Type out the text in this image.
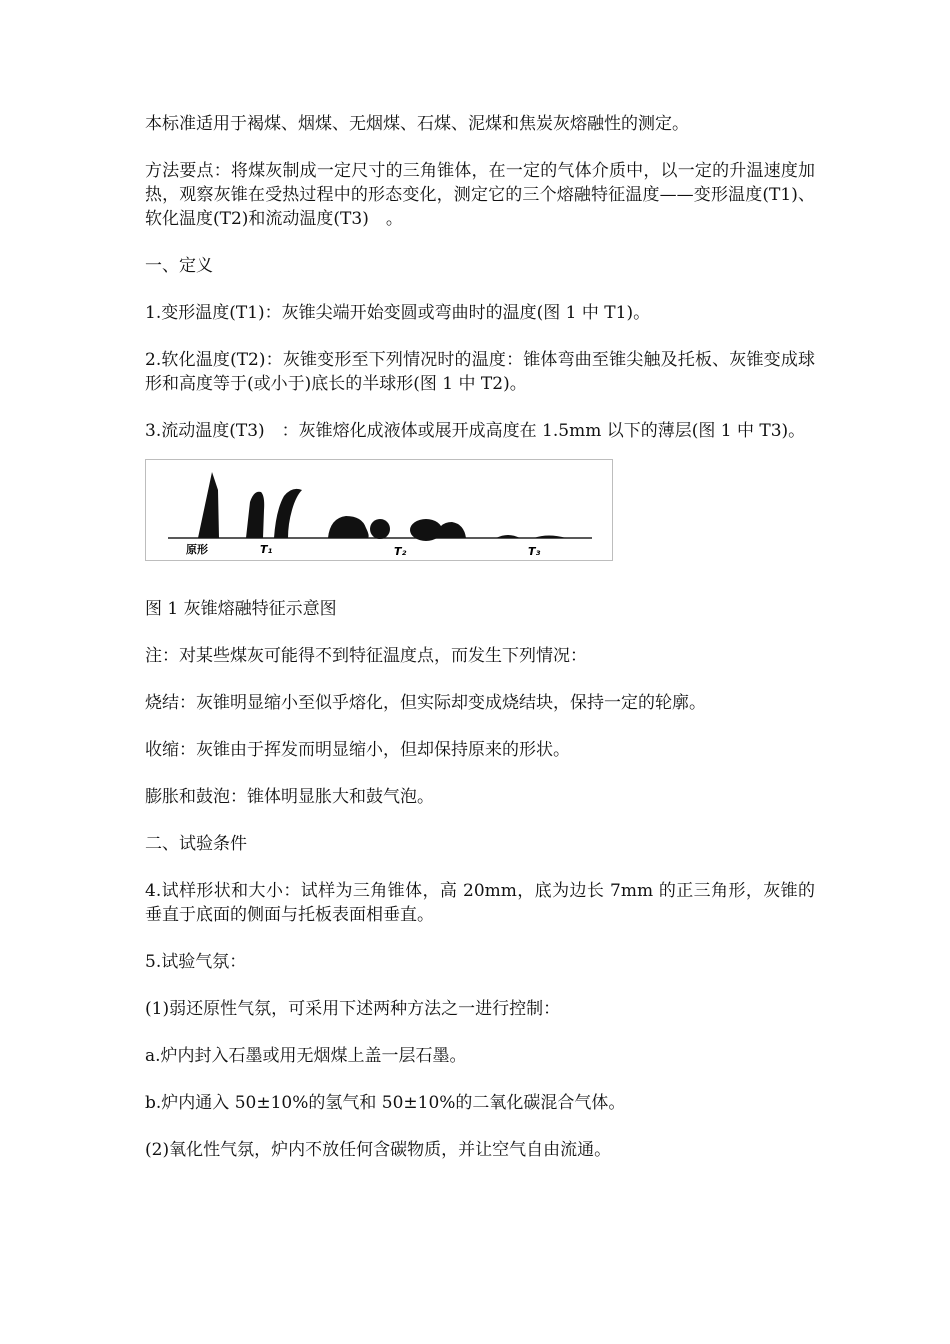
本标准适用于褐煤、烟煤、无烟煤、石煤、泥煤和焦炭灰熔融性的测定。

方法要点：将煤灰制成一定尺寸的三角锥体，在一定的气体介质中，以一定的升温速度加热，观察灰锥在受热过程中的形态变化，测定它的三个熔融特征温度——变形温度(T1)、软化温度(T2)和流动温度(T3)　。

一、定义

1.变形温度(T1)：灰锥尖端开始变圆或弯曲时的温度(图 1 中 T1)。

2.软化温度(T2)：灰锥变形至下列情况时的温度：锥体弯曲至锥尖触及托板、灰锥变成球形和高度等于(或小于)底长的半球形(图 1 中 T2)。

3.流动温度(T3)　：灰锥熔化成液体或展开成高度在 1.5mm 以下的薄层(图 1 中 T3)。

原形	T₁	T₂	T₃

图 1 灰锥熔融特征示意图

注：对某些煤灰可能得不到特征温度点，而发生下列情况：

烧结：灰锥明显缩小至似乎熔化，但实际却变成烧结块，保持一定的轮廓。

收缩：灰锥由于挥发而明显缩小，但却保持原来的形状。

膨胀和鼓泡：锥体明显胀大和鼓气泡。

二、试验条件

4.试样形状和大小：试样为三角锥体，高 20mm，底为边长 7mm 的正三角形，灰锥的垂直于底面的侧面与托板表面相垂直。

5.试验气氛：

(1)弱还原性气氛，可采用下述两种方法之一进行控制：

a.炉内封入石墨或用无烟煤上盖一层石墨。

b.炉内通入 50±10%的氢气和 50±10%的二氧化碳混合气体。

(2)氧化性气氛，炉内不放任何含碳物质，并让空气自由流通。
